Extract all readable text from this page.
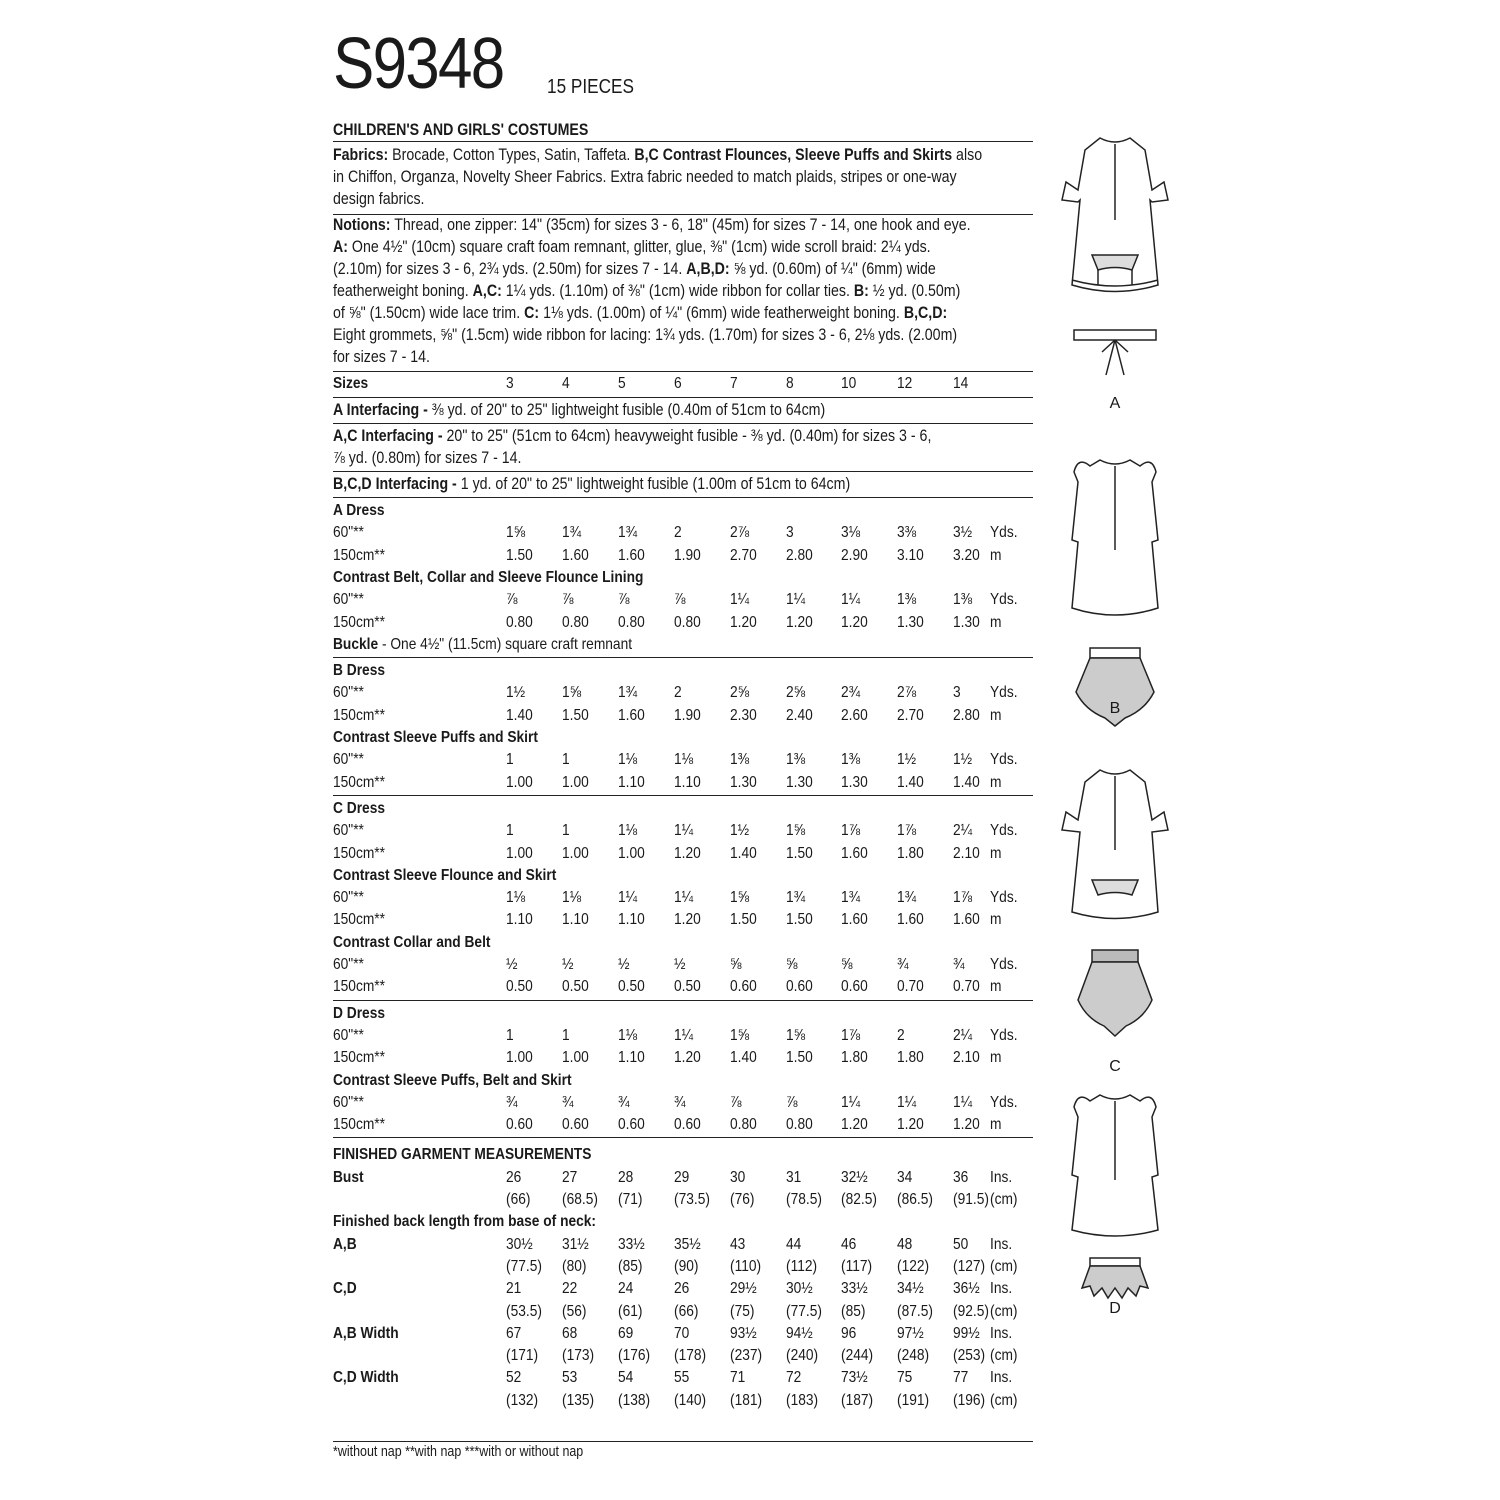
S9348 15 PIECES
CHILDREN'S AND GIRLS' COSTUMES
Fabrics: Brocade, Cotton Types, Satin, Taffeta. B,C Contrast Flounces, Sleeve Puffs and Skirts also
in Chiffon, Organza, Novelty Sheer Fabrics. Extra fabric needed to match plaids, stripes or one-way
design fabrics.
Notions: Thread, one zipper: 14" (35cm) for sizes 3 - 6, 18" (45m) for sizes 7 - 14, one hook and eye.
A: One 4½" (10cm) square craft foam remnant, glitter, glue, ⅜" (1cm) wide scroll braid: 2¼ yds.
(2.10m) for sizes 3 - 6, 2¾ yds. (2.50m) for sizes 7 - 14. A,B,D: ⅝ yd. (0.60m) of ¼" (6mm) wide
featherweight boning. A,C: 1¼ yds. (1.10m) of ⅜" (1cm) wide ribbon for collar ties. B: ½ yd. (0.50m)
of ⅝" (1.50cm) wide lace trim. C: 1⅛ yds. (1.00m) of ¼" (6mm) wide featherweight boning. B,C,D:
Eight grommets, ⅝" (1.5cm) wide ribbon for lacing: 1¾ yds. (1.70m) for sizes 3 - 6, 2⅛ yds. (2.00m)
for sizes 7 - 14.
Sizes	3	4	5	6	7	8	10	12	14
A Interfacing - ⅜ yd. of 20" to 25" lightweight fusible (0.40m of 51cm to 64cm)
A,C Interfacing - 20" to 25" (51cm to 64cm) heavyweight fusible - ⅜ yd. (0.40m) for sizes 3 - 6,
⅞ yd. (0.80m) for sizes 7 - 14.
B,C,D Interfacing - 1 yd. of 20" to 25" lightweight fusible (1.00m of 51cm to 64cm)
A Dress
60"**	1⅝ 1¾ 1¾ 2	2⅞ 3	3⅛ 3⅜ 3½ Yds.
150cm**	1.50 1.60 1.60 1.90 2.70 2.80 2.90 3.10 3.20 m
Contrast Belt, Collar and Sleeve Flounce Lining
60"**	⅞	⅞	⅞	⅞	1¼ 1¼ 1¼ 1⅜ 1⅜ Yds.
150cm**	0.80 0.80 0.80 0.80 1.20 1.20 1.20 1.30 1.30 m
Buckle - One 4½" (11.5cm) square craft remnant
B Dress
60"**	1½ 1⅝ 1¾ 2	2⅝ 2⅝ 2¾ 2⅞ 3 Yds.
150cm**	1.40 1.50 1.60 1.90 2.30 2.40 2.60 2.70 2.80 m
Contrast Sleeve Puffs and Skirt
60"**	1	1	1⅛ 1⅛ 1⅜ 1⅜ 1⅜ 1½ 1½ Yds.
150cm**	1.00 1.00 1.10 1.10 1.30 1.30 1.30 1.40 1.40 m
C Dress
60"**	1	1	1⅛ 1¼ 1½ 1⅝ 1⅞ 1⅞ 2¼ Yds.
150cm**	1.00 1.00 1.00 1.20 1.40 1.50 1.60 1.80 2.10 m
Contrast Sleeve Flounce and Skirt
60"**	1⅛ 1⅛ 1¼ 1¼ 1⅝ 1¾ 1¾ 1¾ 1⅞ Yds.
150cm**	1.10 1.10 1.10 1.20 1.50 1.50 1.60 1.60 1.60 m
Contrast Collar and Belt
60"**	½	½	½	½	⅝	⅝	⅝	¾	¾ Yds.
150cm**	0.50 0.50 0.50 0.50 0.60 0.60 0.60 0.70 0.70 m
D Dress
60"**	1	1	1⅛ 1¼ 1⅝ 1⅝ 1⅞ 2	2¼ Yds.
150cm**	1.00 1.00 1.10 1.20 1.40 1.50 1.80 1.80 2.10 m
Contrast Sleeve Puffs, Belt and Skirt
60"**	¾	¾	¾	¾	⅞	⅞	1¼ 1¼ 1¼ Yds.
150cm**	0.60 0.60 0.60 0.60 0.80 0.80 1.20 1.20 1.20 m
FINISHED GARMENT MEASUREMENTS
Bust	26	27	28	29	30	31 32½ 34	36 Ins.
(66) (68.5) (71) (73.5) (76) (78.5) (82.5) (86.5) (91.5) (cm)
Finished back length from base of neck:
A,B	30½ 31½ 33½ 35½ 43	44 46	48	50 Ins.
(77.5) (80) (85) (90) (110) (112) (117) (122) (127) (cm)
C,D	21	22	24	26	29½ 30½ 33½ 34½ 36½ Ins.
(53.5) (56) (61) (66) (75) (77.5) (85) (87.5) (92.5) (cm)
A,B Width	67	68	69	70	93½ 94½ 96	97½ 99½ Ins.
(171) (173) (176) (178) (237) (240) (244) (248) (253) (cm)
C,D Width	52	53	54	55	71	72 73½ 75	77 Ins.
(132) (135) (138) (140) (181) (183) (187) (191) (196) (cm)
*without nap **with nap ***with or without nap
A
B
C
D
